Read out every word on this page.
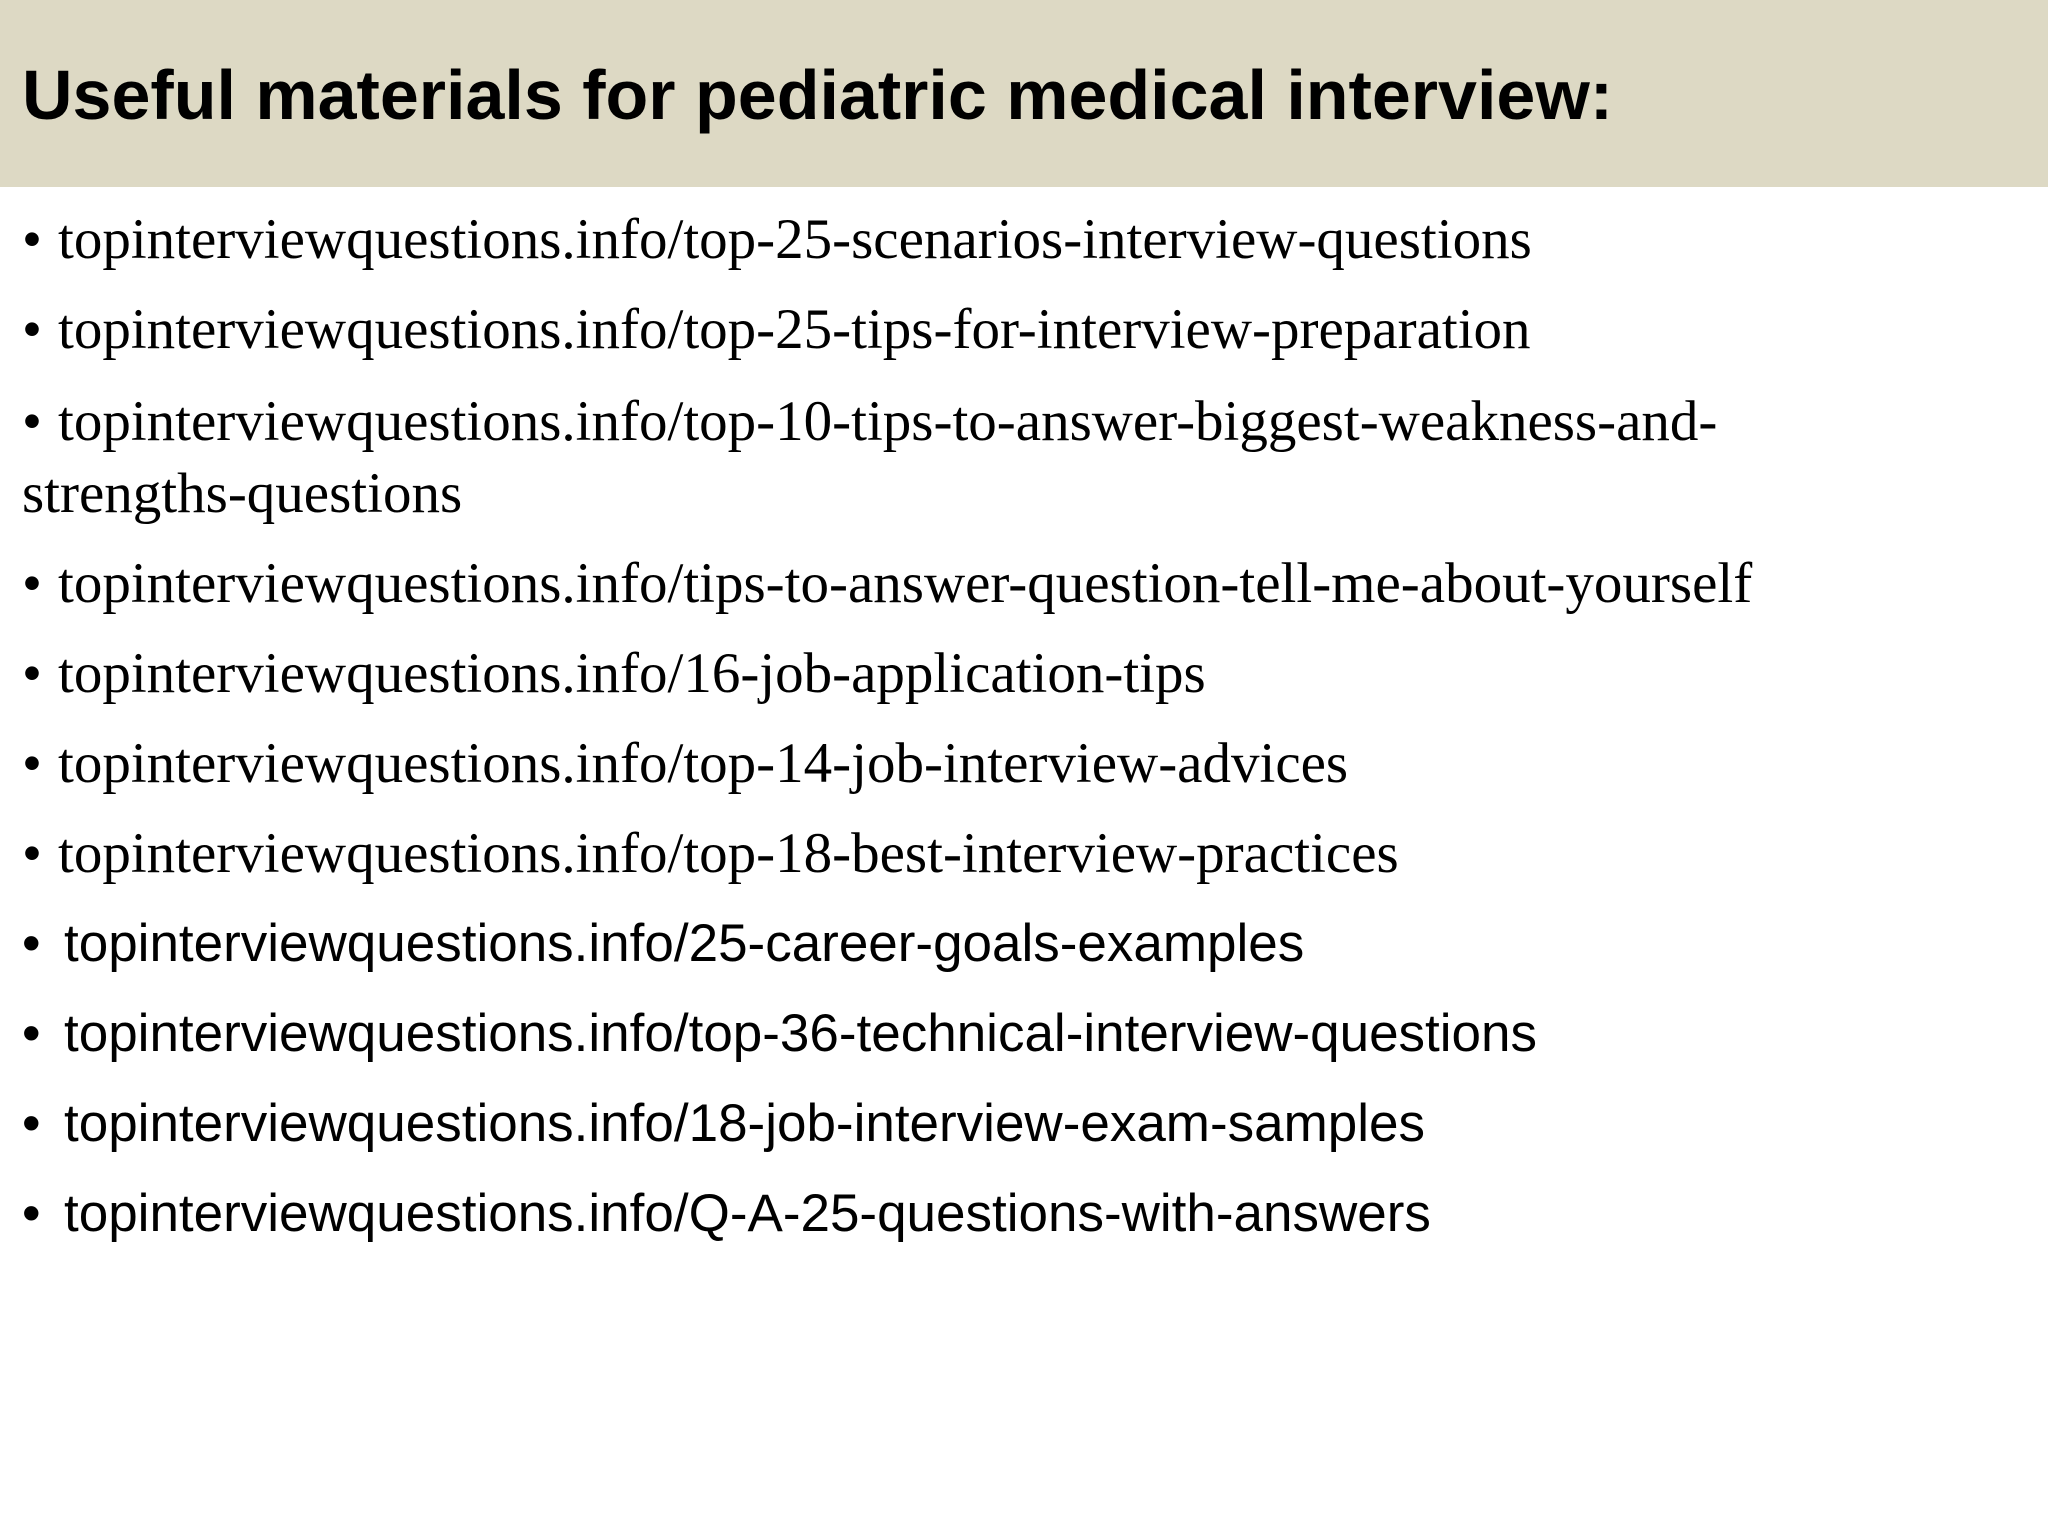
Useful materials for pediatric medical interview:
• topinterviewquestions.info/top-25-scenarios-interview-questions
• topinterviewquestions.info/top-25-tips-for-interview-preparation
• topinterviewquestions.info/top-10-tips-to-answer-biggest-weakness-and-strengths-questions
• topinterviewquestions.info/tips-to-answer-question-tell-me-about-yourself
• topinterviewquestions.info/16-job-application-tips
• topinterviewquestions.info/top-14-job-interview-advices
• topinterviewquestions.info/top-18-best-interview-practices
• topinterviewquestions.info/25-career-goals-examples
• topinterviewquestions.info/top-36-technical-interview-questions
• topinterviewquestions.info/18-job-interview-exam-samples
• topinterviewquestions.info/Q-A-25-questions-with-answers
